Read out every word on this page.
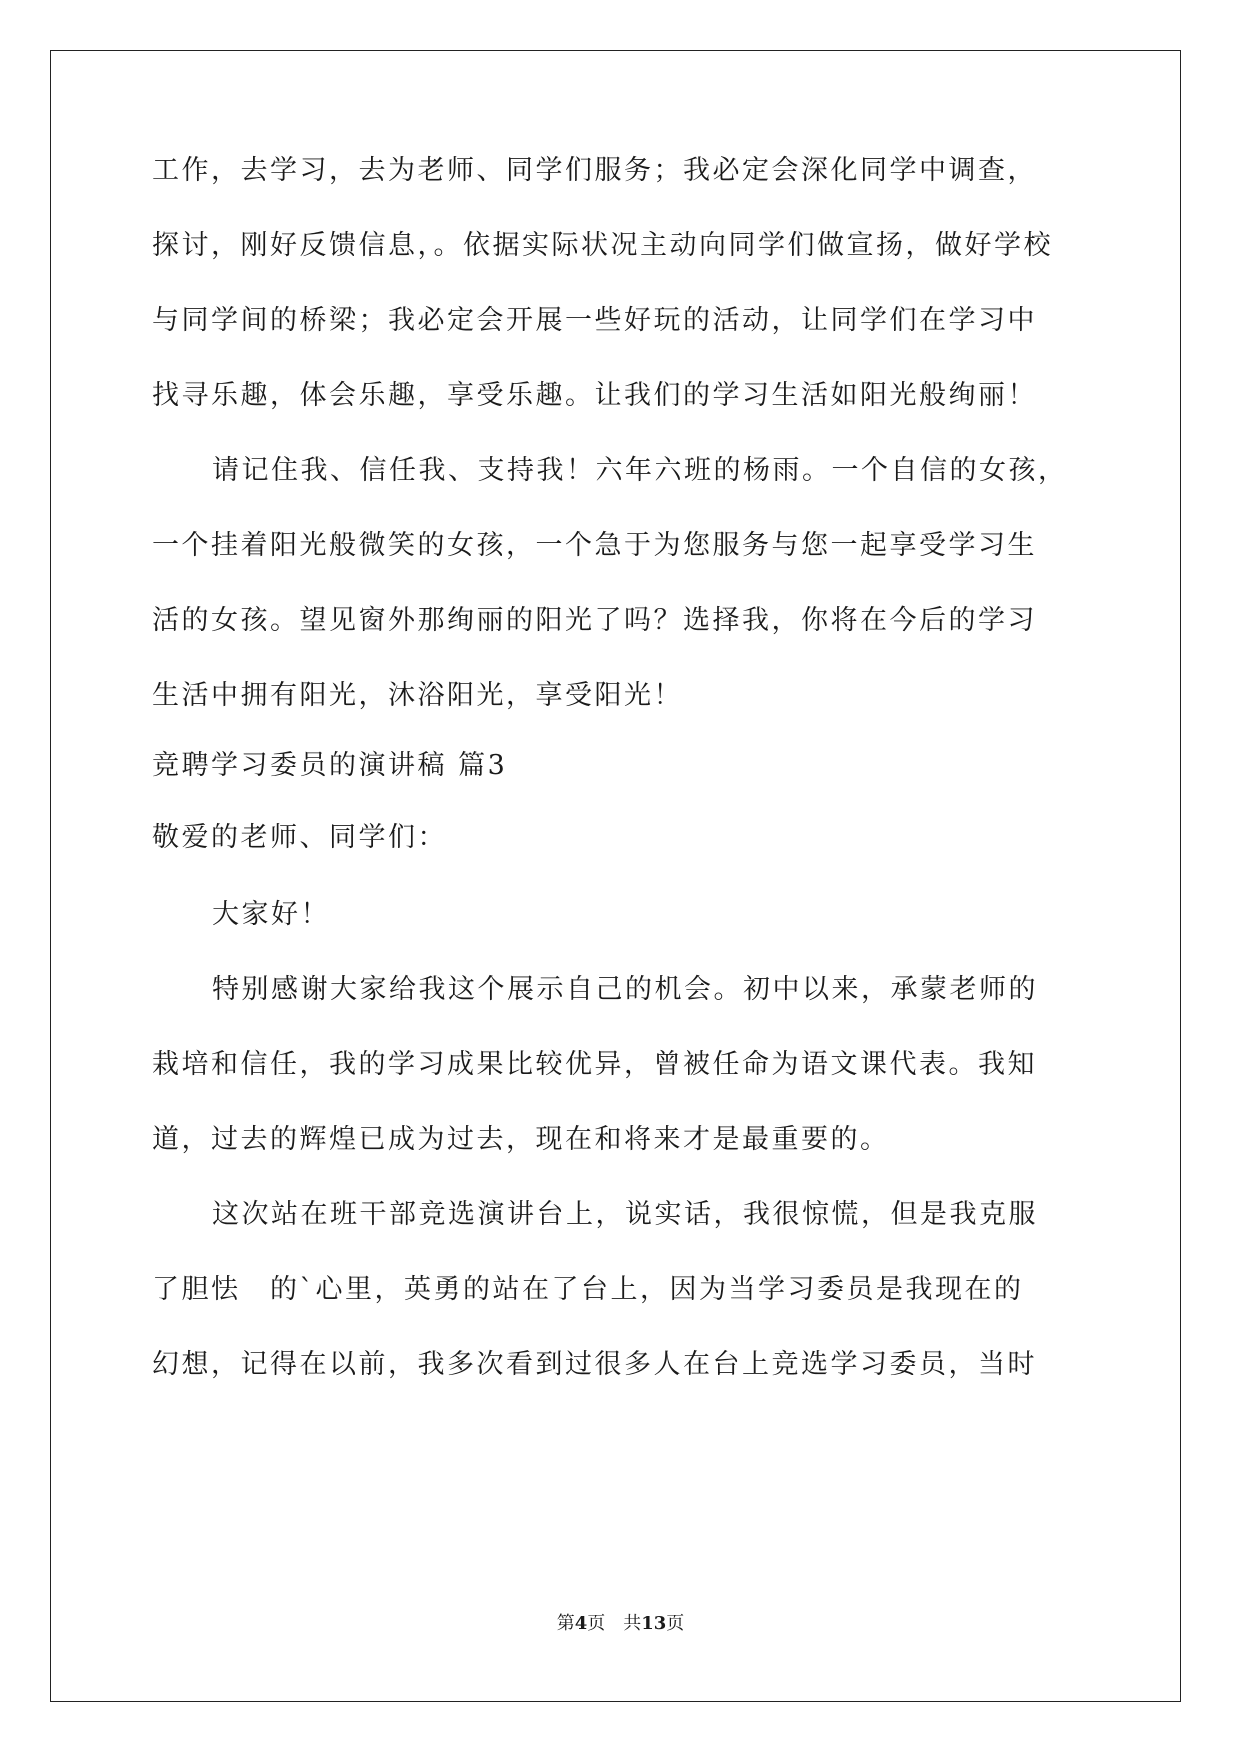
工作，去学习，去为老师、同学们服务；我必定会深化同学中调查，
探讨，刚好反馈信息，。依据实际状况主动向同学们做宣扬，做好学校
与同学间的桥梁；我必定会开展一些好玩的活动，让同学们在学习中
找寻乐趣，体会乐趣，享受乐趣。让我们的学习生活如阳光般绚丽！
请记住我、信任我、支持我！六年六班的杨雨。一个自信的女孩，
一个挂着阳光般微笑的女孩，一个急于为您服务与您一起享受学习生
活的女孩。望见窗外那绚丽的阳光了吗？选择我，你将在今后的学习
生活中拥有阳光，沐浴阳光，享受阳光！
竞聘学习委员的演讲稿 篇3
敬爱的老师、同学们：
大家好！
特别感谢大家给我这个展示自己的机会。初中以来，承蒙老师的
栽培和信任，我的学习成果比较优异，曾被任命为语文课代表。我知
道，过去的辉煌已成为过去，现在和将来才是最重要的。
这次站在班干部竞选演讲台上，说实话，我很惊慌，但是我克服
了胆怯　的`心里，英勇的站在了台上，因为当学习委员是我现在的
幻想，记得在以前，我多次看到过很多人在台上竞选学习委员，当时
第4页 共13页
